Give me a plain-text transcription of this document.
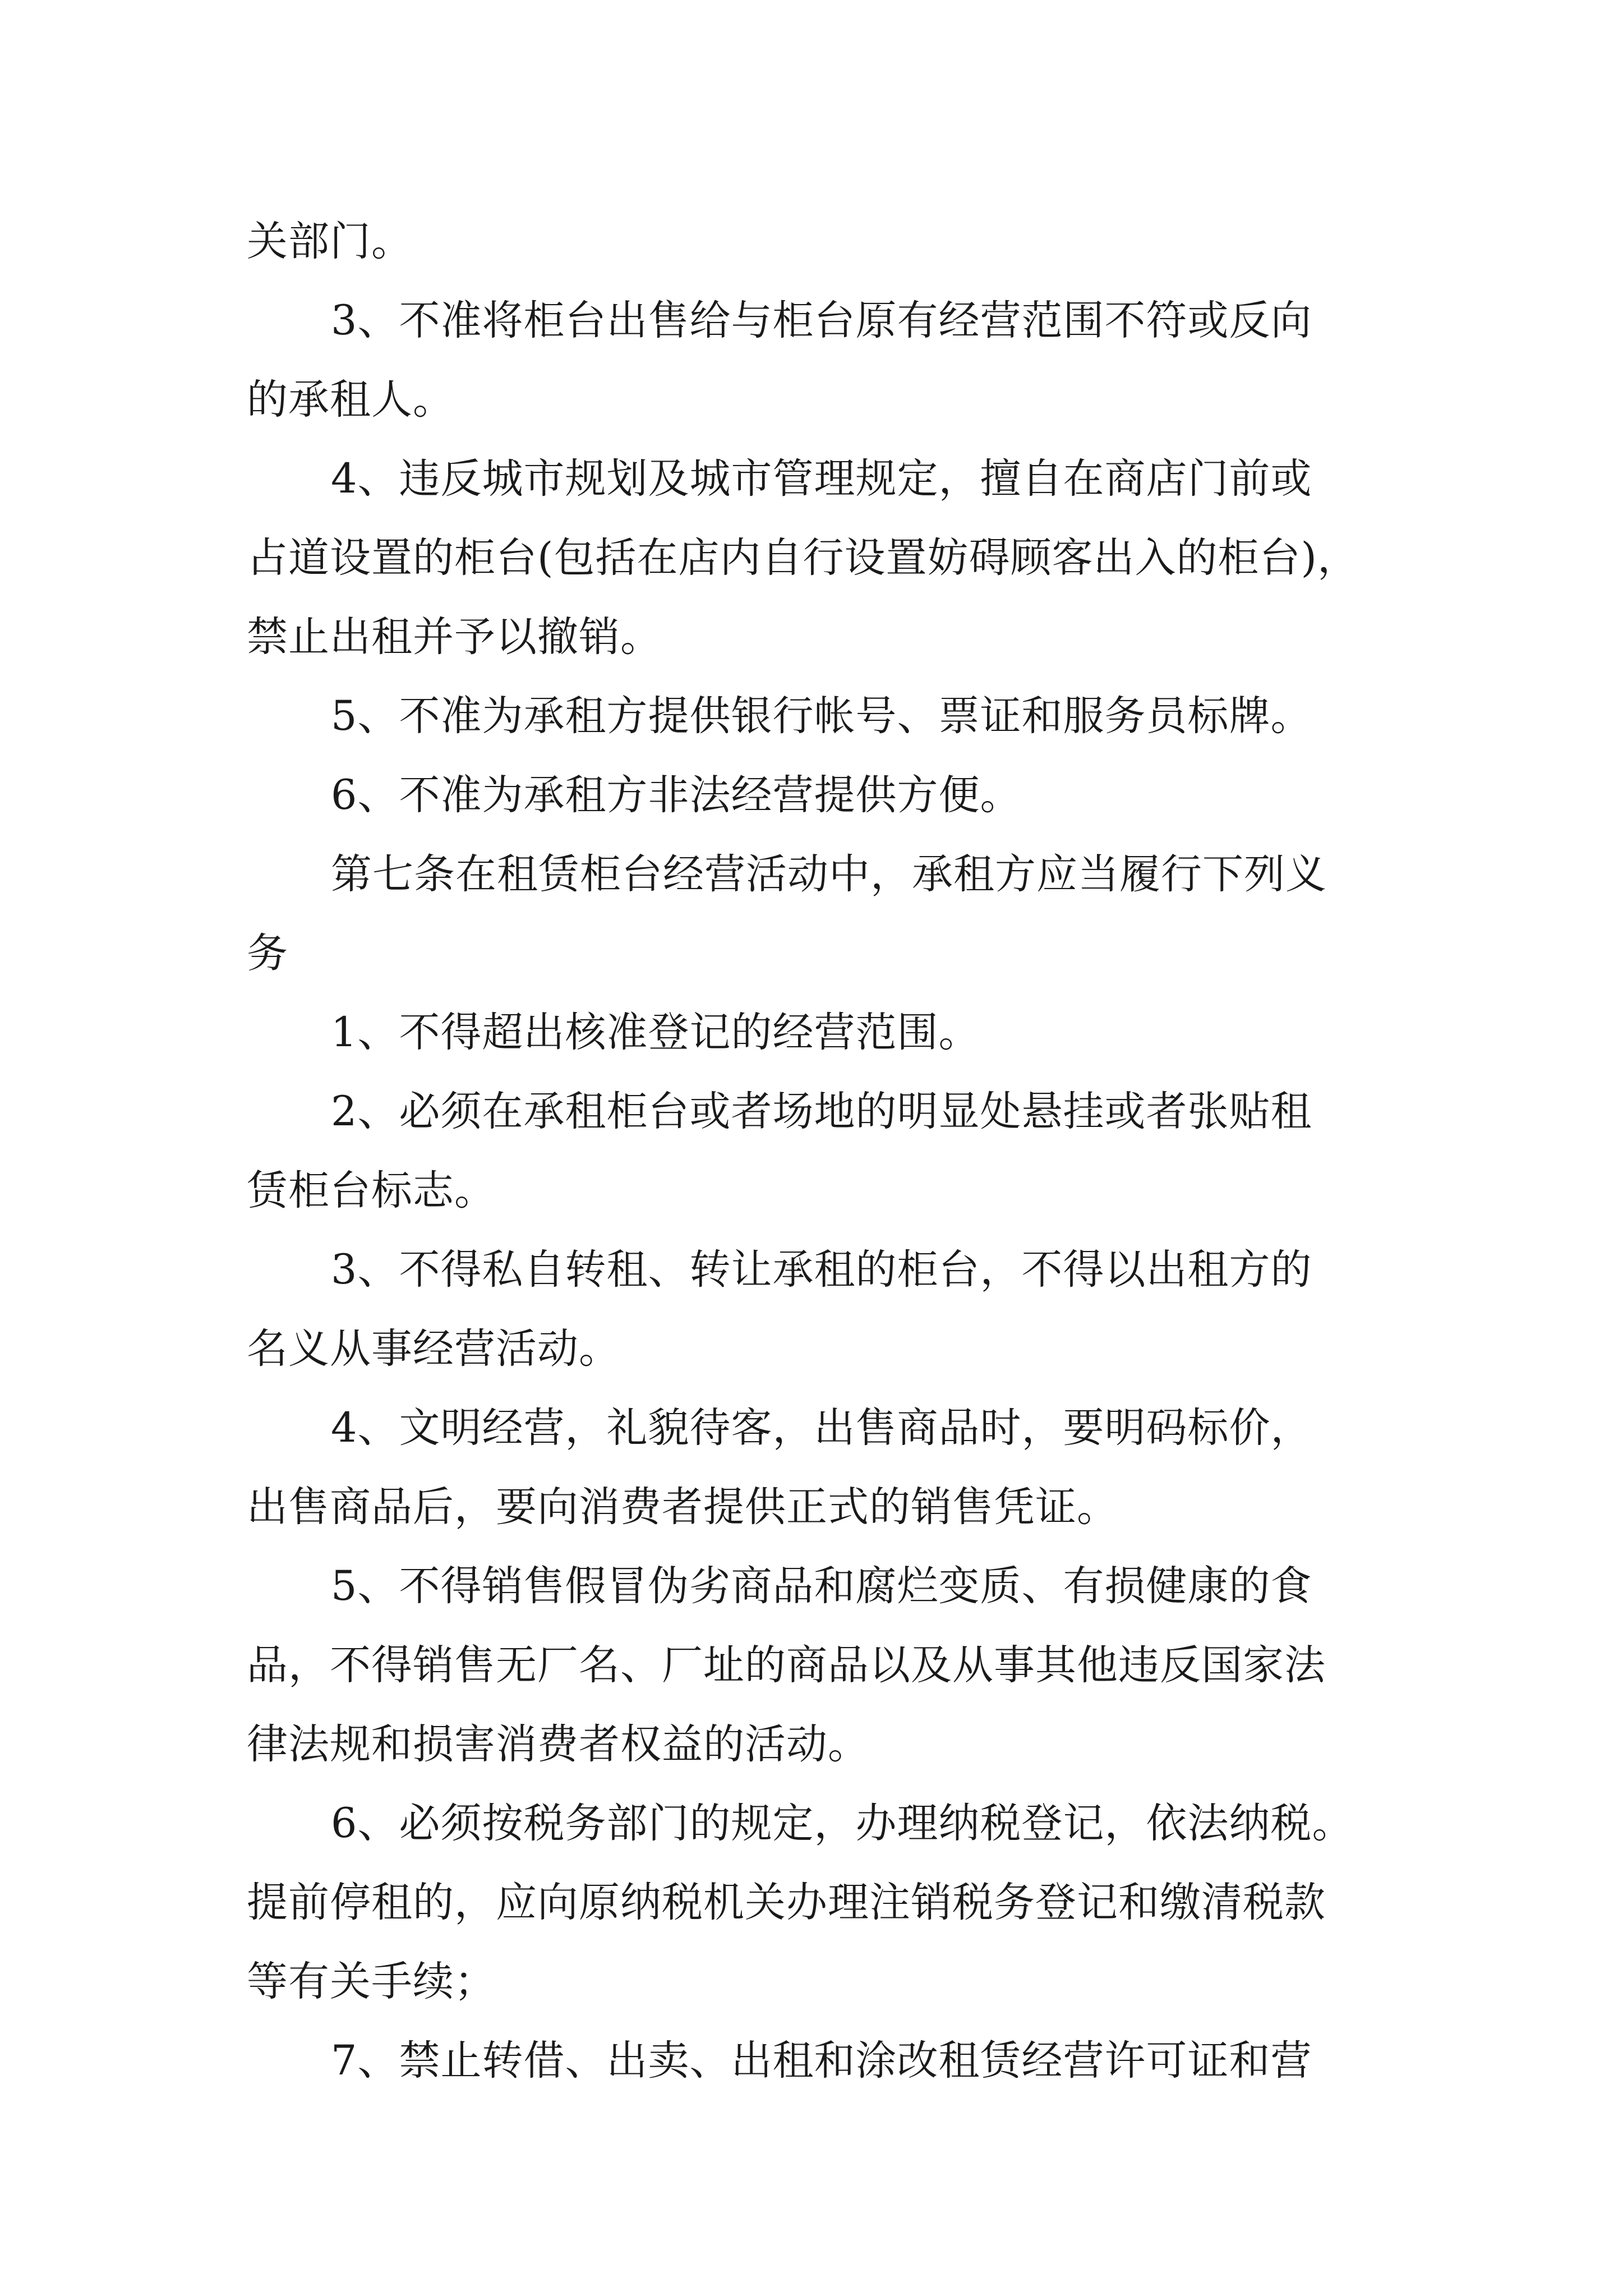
关部门。
3、不准将柜台出售给与柜台原有经营范围不符或反向
的承租人。
4、违反城市规划及城市管理规定，擅自在商店门前或
占道设置的柜台(包括在店内自行设置妨碍顾客出入的柜台)，
禁止出租并予以撤销。
5、不准为承租方提供银行帐号、票证和服务员标牌。
6、不准为承租方非法经营提供方便。
第七条在租赁柜台经营活动中，承租方应当履行下列义
务
1、不得超出核准登记的经营范围。
2、必须在承租柜台或者场地的明显处悬挂或者张贴租
赁柜台标志。
3、不得私自转租、转让承租的柜台，不得以出租方的
名义从事经营活动。
4、文明经营，礼貌待客，出售商品时，要明码标价，
出售商品后，要向消费者提供正式的销售凭证。
5、不得销售假冒伪劣商品和腐烂变质、有损健康的食
品，不得销售无厂名、厂址的商品以及从事其他违反国家法
律法规和损害消费者权益的活动。
6、必须按税务部门的规定，办理纳税登记，依法纳税。
提前停租的，应向原纳税机关办理注销税务登记和缴清税款
等有关手续；
7、禁止转借、出卖、出租和涂改租赁经营许可证和营
